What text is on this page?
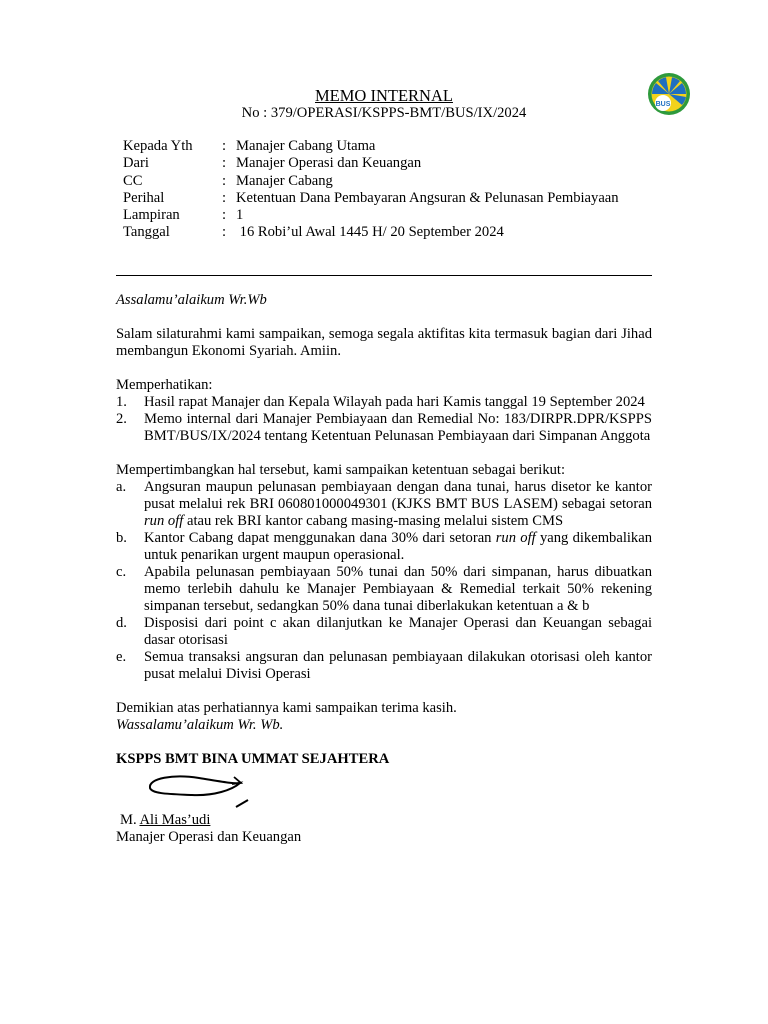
BUS
MEMO INTERNAL
No : 379/OPERASI/KSPPS-BMT/BUS/IX/2024
Kepada Yth	: Manajer Cabang Utama
Dari	: Manajer Operasi dan Keuangan
CC	: Manajer Cabang
Perihal	: Ketentuan Dana Pembayaran Angsuran & Pelunasan Pembiayaan
Lampiran	: 1
Tanggal	: 16 Robi’ul Awal 1445 H/ 20 September 2024

Assalamu’alaikum Wr.Wb

Salam silaturahmi kami sampaikan, semoga segala aktifitas kita termasuk bagian dari Jihad membangun Ekonomi Syariah. Amiin.

Memperhatikan:

1.	Hasil rapat Manajer dan Kepala Wilayah pada hari Kamis tanggal 19 September 2024
2.	Memo internal dari Manajer Pembiayaan dan Remedial No: 183/DIRPR.DPR/KSPPS BMT/BUS/IX/2024 tentang Ketentuan Pelunasan Pembiayaan dari Simpanan Anggota

Mempertimbangkan hal tersebut, kami sampaikan ketentuan sebagai berikut:

a.	Angsuran maupun pelunasan pembiayaan dengan dana tunai, harus disetor ke kantor pusat melalui rek BRI 060801000049301 (KJKS BMT BUS LASEM) sebagai setoran run off atau rek BRI kantor cabang masing-masing melalui sistem CMS
b.	Kantor Cabang dapat menggunakan dana 30% dari setoran run off yang dikembalikan untuk penarikan urgent maupun operasional.
c.	Apabila pelunasan pembiayaan 50% tunai dan 50% dari simpanan, harus dibuatkan memo terlebih dahulu ke Manajer Pembiayaan & Remedial terkait 50% rekening simpanan tersebut, sedangkan 50% dana tunai diberlakukan ketentuan a & b
d.	Disposisi dari point c akan dilanjutkan ke Manajer Operasi dan Keuangan sebagai dasar otorisasi
e.	Semua transaksi angsuran dan pelunasan pembiayaan dilakukan otorisasi oleh kantor pusat melalui Divisi Operasi

Demikian atas perhatiannya kami sampaikan terima kasih.

Wassalamu’alaikum Wr. Wb.

KSPPS BMT BINA UMMAT SEJAHTERA

M. Ali Mas’udi

Manajer Operasi dan Keuangan
